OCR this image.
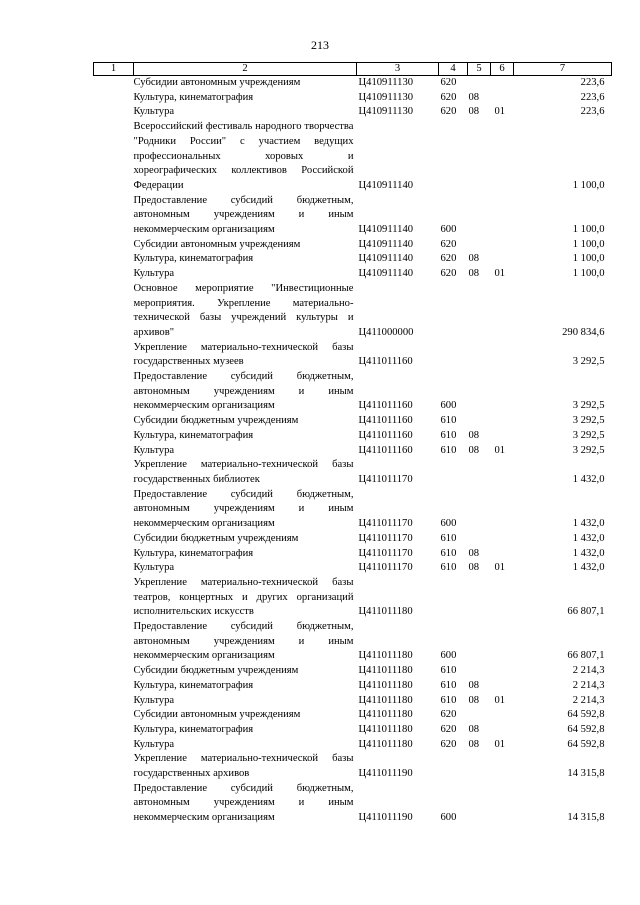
213
1	2	3	4	5	6	7
	Субсидии автономным учреждениям	Ц410911130	620			223,6
	Культура, кинематография	Ц410911130	620	08		223,6
	Культура	Ц410911130	620	08	01	223,6
	Всероссийский фестиваль народного творчества "Родники России" с участием ведущих профессиональных хоровых и хореографических коллективов Российской Федерации	Ц410911140				1 100,0
	Предоставление субсидий бюджетным, автономным учреждениям и иным некоммерческим организациям	Ц410911140	600			1 100,0
	Субсидии автономным учреждениям	Ц410911140	620			1 100,0
	Культура, кинематография	Ц410911140	620	08		1 100,0
	Культура	Ц410911140	620	08	01	1 100,0
	Основное мероприятие "Инвестиционные мероприятия. Укрепление материально-технической базы учреждений культуры и архивов"	Ц411000000				290 834,6
	Укрепление материально-технической базы государственных музеев	Ц411011160				3 292,5
	Предоставление субсидий бюджетным, автономным учреждениям и иным некоммерческим организациям	Ц411011160	600			3 292,5
	Субсидии бюджетным учреждениям	Ц411011160	610			3 292,5
	Культура, кинематография	Ц411011160	610	08		3 292,5
	Культура	Ц411011160	610	08	01	3 292,5
	Укрепление материально-технической базы государственных библиотек	Ц411011170				1 432,0
	Предоставление субсидий бюджетным, автономным учреждениям и иным некоммерческим организациям	Ц411011170	600			1 432,0
	Субсидии бюджетным учреждениям	Ц411011170	610			1 432,0
	Культура, кинематография	Ц411011170	610	08		1 432,0
	Культура	Ц411011170	610	08	01	1 432,0
	Укрепление материально-технической базы театров, концертных и других организаций исполнительских искусств	Ц411011180				66 807,1
	Предоставление субсидий бюджетным, автономным учреждениям и иным некоммерческим организациям	Ц411011180	600			66 807,1
	Субсидии бюджетным учреждениям	Ц411011180	610			2 214,3
	Культура, кинематография	Ц411011180	610	08		2 214,3
	Культура	Ц411011180	610	08	01	2 214,3
	Субсидии автономным учреждениям	Ц411011180	620			64 592,8
	Культура, кинематография	Ц411011180	620	08		64 592,8
	Культура	Ц411011180	620	08	01	64 592,8
	Укрепление материально-технической базы государственных архивов	Ц411011190				14 315,8
	Предоставление субсидий бюджетным, автономным учреждениям и иным некоммерческим организациям	Ц411011190	600			14 315,8
